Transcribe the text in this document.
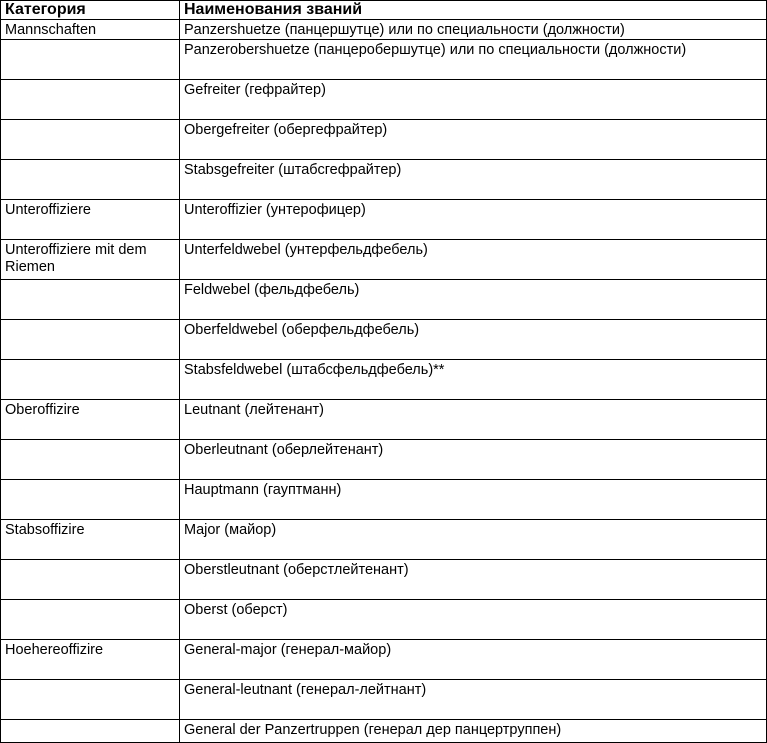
Категория	Наименования званий
Mannschaften	Panzershuetze (панцершутце) или по специальности (должности)
	Panzerobershuetze (панцеробершутце) или по специальности (должности)
	Gefreiter (гефрайтер)
	Obergefreiter (обергефрайтер)
	Stabsgefreiter (штабсгефрайтер)
Unteroffiziere	Unteroffizier (унтерофицер)
Unteroffiziere mit dem Riemen	Unterfeldwebel (унтерфельдфебель)
	Feldwebel (фельдфебель)
	Oberfeldwebel (оберфельдфебель)
	Stabsfeldwebel (штабсфельдфебель)**
Oberoffizire	Leutnant (лейтенант)
	Oberleutnant (оберлейтенант)
	Hauptmann (гауптманн)
Stabsoffizire	Major (майор)
	Oberstleutnant (оберстлейтенант)
	Oberst (оберст)
Hoehereoffizire	General-major (генерал-майор)
	General-leutnant (генерал-лейтнант)
	General der Panzertruppen (генерал дер панцертруппен)
